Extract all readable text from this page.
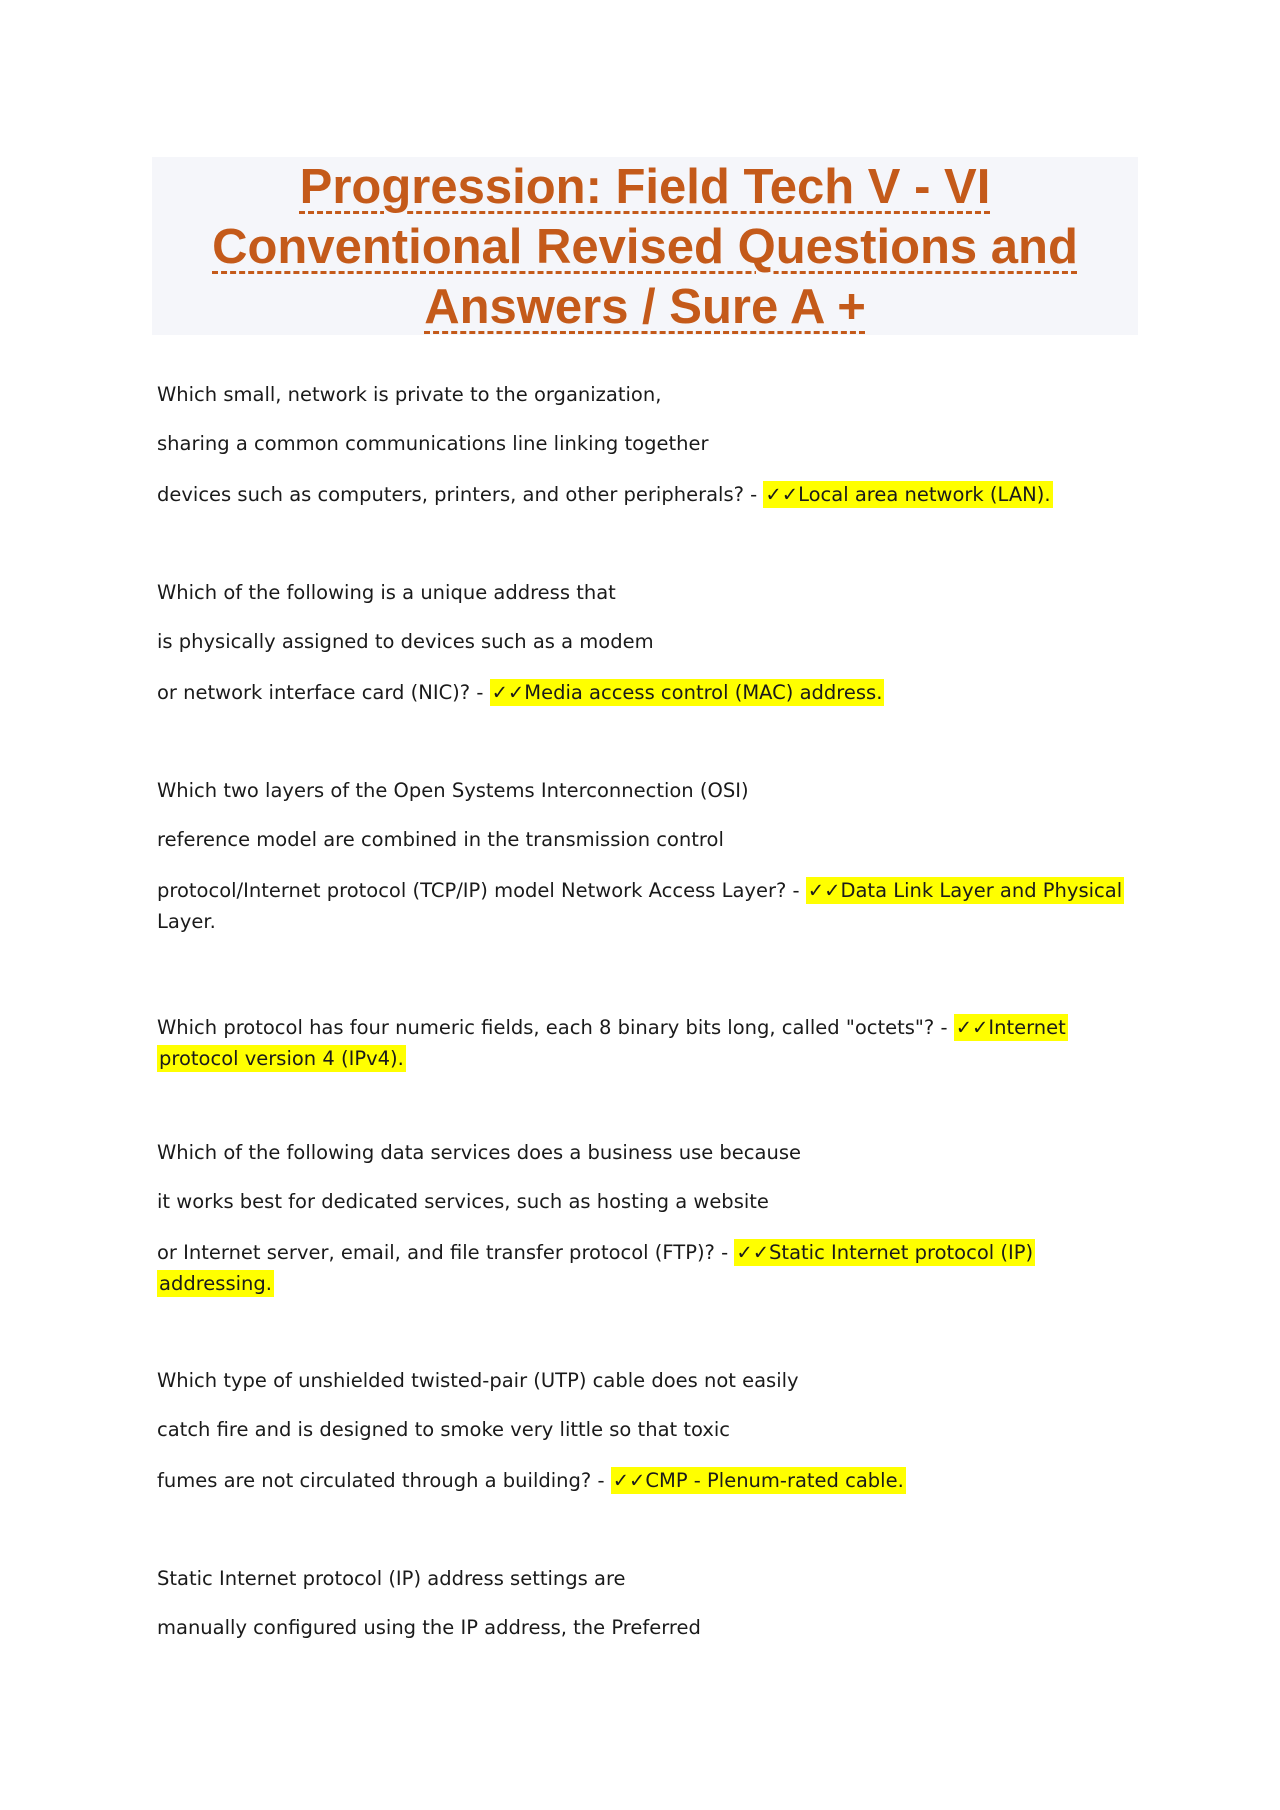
Progression: Field Tech V - VI
Conventional Revised Questions and
Answers / Sure A +
Which small, network is private to the organization,
sharing a common communications line linking together
devices such as computers, printers, and other peripherals? - ✓✓Local area network (LAN).
Which of the following is a unique address that
is physically assigned to devices such as a modem
or network interface card (NIC)? - ✓✓Media access control (MAC) address.
Which two layers of the Open Systems Interconnection (OSI)
reference model are combined in the transmission control
protocol/Internet protocol (TCP/IP) model Network Access Layer? - ✓✓Data Link Layer and Physical
Layer.
Which protocol has four numeric fields, each 8 binary bits long, called "octets"? - ✓✓Internet
protocol version 4 (IPv4).
Which of the following data services does a business use because
it works best for dedicated services, such as hosting a website
or Internet server, email, and file transfer protocol (FTP)? - ✓✓Static Internet protocol (IP)
addressing.
Which type of unshielded twisted-pair (UTP) cable does not easily
catch fire and is designed to smoke very little so that toxic
fumes are not circulated through a building? - ✓✓CMP - Plenum-rated cable.
Static Internet protocol (IP) address settings are
manually configured using the IP address, the Preferred
